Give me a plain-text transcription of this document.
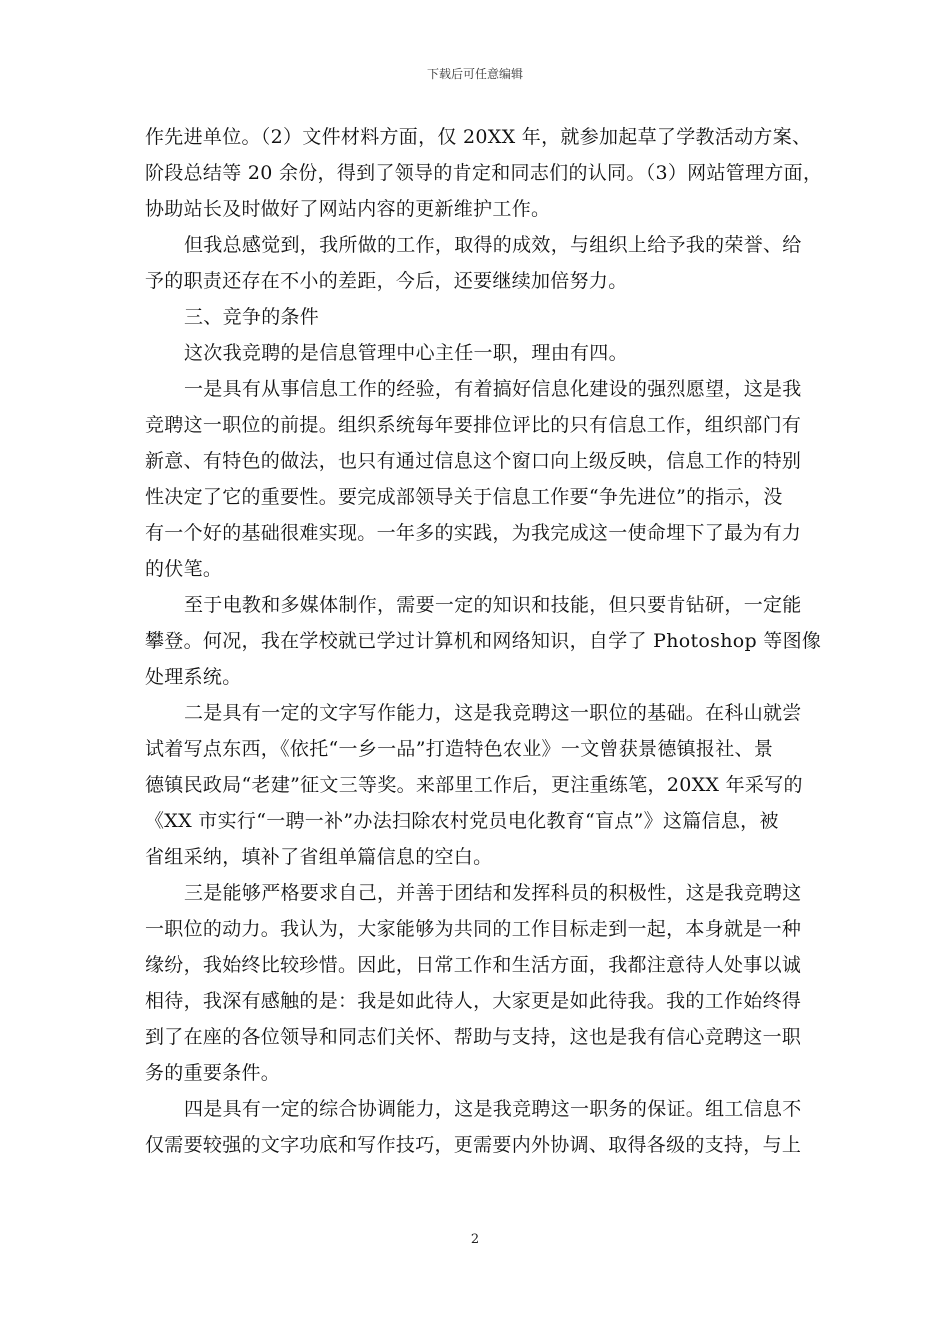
下载后可任意编辑
作先进单位。（2）文件材料方面，仅 20XX 年，就参加起草了学教活动方案、
阶段总结等 20 余份，得到了领导的肯定和同志们的认同。（3）网站管理方面，
协助站长及时做好了网站内容的更新维护工作。
但我总感觉到，我所做的工作，取得的成效，与组织上给予我的荣誉、给
予的职责还存在不小的差距，今后，还要继续加倍努力。
三、竞争的条件
这次我竞聘的是信息管理中心主任一职，理由有四。
一是具有从事信息工作的经验，有着搞好信息化建设的强烈愿望，这是我
竞聘这一职位的前提。组织系统每年要排位评比的只有信息工作，组织部门有
新意、有特色的做法，也只有通过信息这个窗口向上级反映，信息工作的特别
性决定了它的重要性。要完成部领导关于信息工作要“争先进位”的指示，没
有一个好的基础很难实现。一年多的实践，为我完成这一使命埋下了最为有力
的伏笔。
至于电教和多媒体制作，需要一定的知识和技能，但只要肯钻研，一定能
攀登。何况，我在学校就已学过计算机和网络知识，自学了 Photoshop 等图像
处理系统。
二是具有一定的文字写作能力，这是我竞聘这一职位的基础。在科山就尝
试着写点东西，《依托“一乡一品”打造特色农业》一文曾获景德镇报社、景
德镇民政局“老建”征文三等奖。来部里工作后，更注重练笔，20XX 年采写的
《XX 市实行“一聘一补”办法扫除农村党员电化教育“盲点”》这篇信息，被
省组采纳，填补了省组单篇信息的空白。
三是能够严格要求自己，并善于团结和发挥科员的积极性，这是我竞聘这
一职位的动力。我认为，大家能够为共同的工作目标走到一起，本身就是一种
缘纷，我始终比较珍惜。因此，日常工作和生活方面，我都注意待人处事以诚
相待，我深有感触的是：我是如此待人，大家更是如此待我。我的工作始终得
到了在座的各位领导和同志们关怀、帮助与支持，这也是我有信心竞聘这一职
务的重要条件。
四是具有一定的综合协调能力，这是我竞聘这一职务的保证。组工信息不
仅需要较强的文字功底和写作技巧，更需要内外协调、取得各级的支持，与上
2
